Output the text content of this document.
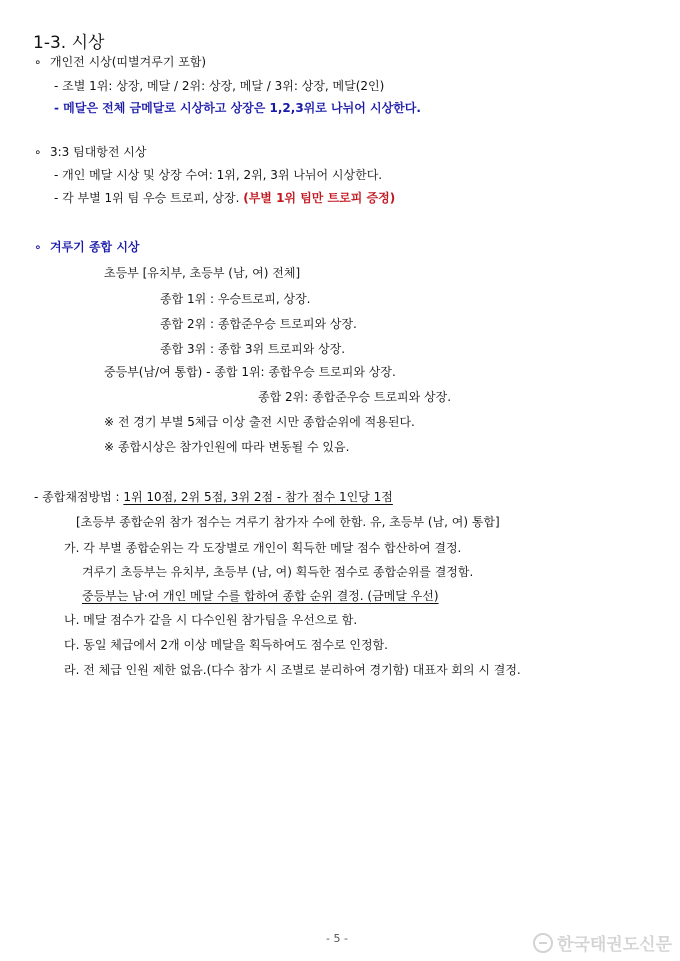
1-3. 시상
∘ 개인전 시상(띠별겨루기 포함)
- 조별 1위: 상장, 메달 / 2위: 상장, 메달 / 3위: 상장, 메달(2인)
- 메달은 전체 금메달로 시상하고 상장은 1,2,3위로 나뉘어 시상한다.
∘ 3:3 팀대항전 시상
- 개인 메달 시상 및 상장 수여: 1위, 2위, 3위 나뉘어 시상한다.
- 각 부별 1위 팀 우승 트로피, 상장. (부별 1위 팀만 트로피 증정)
∘ 겨루기 종합 시상
초등부 [유치부, 초등부 (남, 여) 전체]
종합 1위 : 우승트로피, 상장.
종합 2위 : 종합준우승 트로피와 상장.
종합 3위 : 종합 3위 트로피와 상장.
중등부(남/여 통합) - 종합 1위: 종합우승 트로피와 상장.
종합 2위: 종합준우승 트로피와 상장.
※ 전 경기 부별 5체급 이상 출전 시만 종합순위에 적용된다.
※ 종합시상은 참가인원에 따라 변동될 수 있음.
- 종합채점방법 : 1위 10점, 2위 5점, 3위 2점 - 참가 점수 1인당 1점
[초등부 종합순위 참가 점수는 겨루기 참가자 수에 한함. 유, 초등부 (남, 여) 통합]
가. 각 부별 종합순위는 각 도장별로 개인이 획득한 메달 점수 합산하여 결정.
겨루기 초등부는 유치부, 초등부 (남, 여) 획득한 점수로 종합순위를 결정함.
중등부는 남·여 개인 메달 수를 합하여 종합 순위 결정. (금메달 우선)
나. 메달 점수가 같을 시 다수인원 참가팀을 우선으로 함.
다. 동일 체급에서 2개 이상 메달을 획득하여도 점수로 인정함.
라. 전 체급 인원 제한 없음.(다수 참가 시 조별로 분리하여 경기함) 대표자 회의 시 결정.
- 5 -	한국태권도신문
